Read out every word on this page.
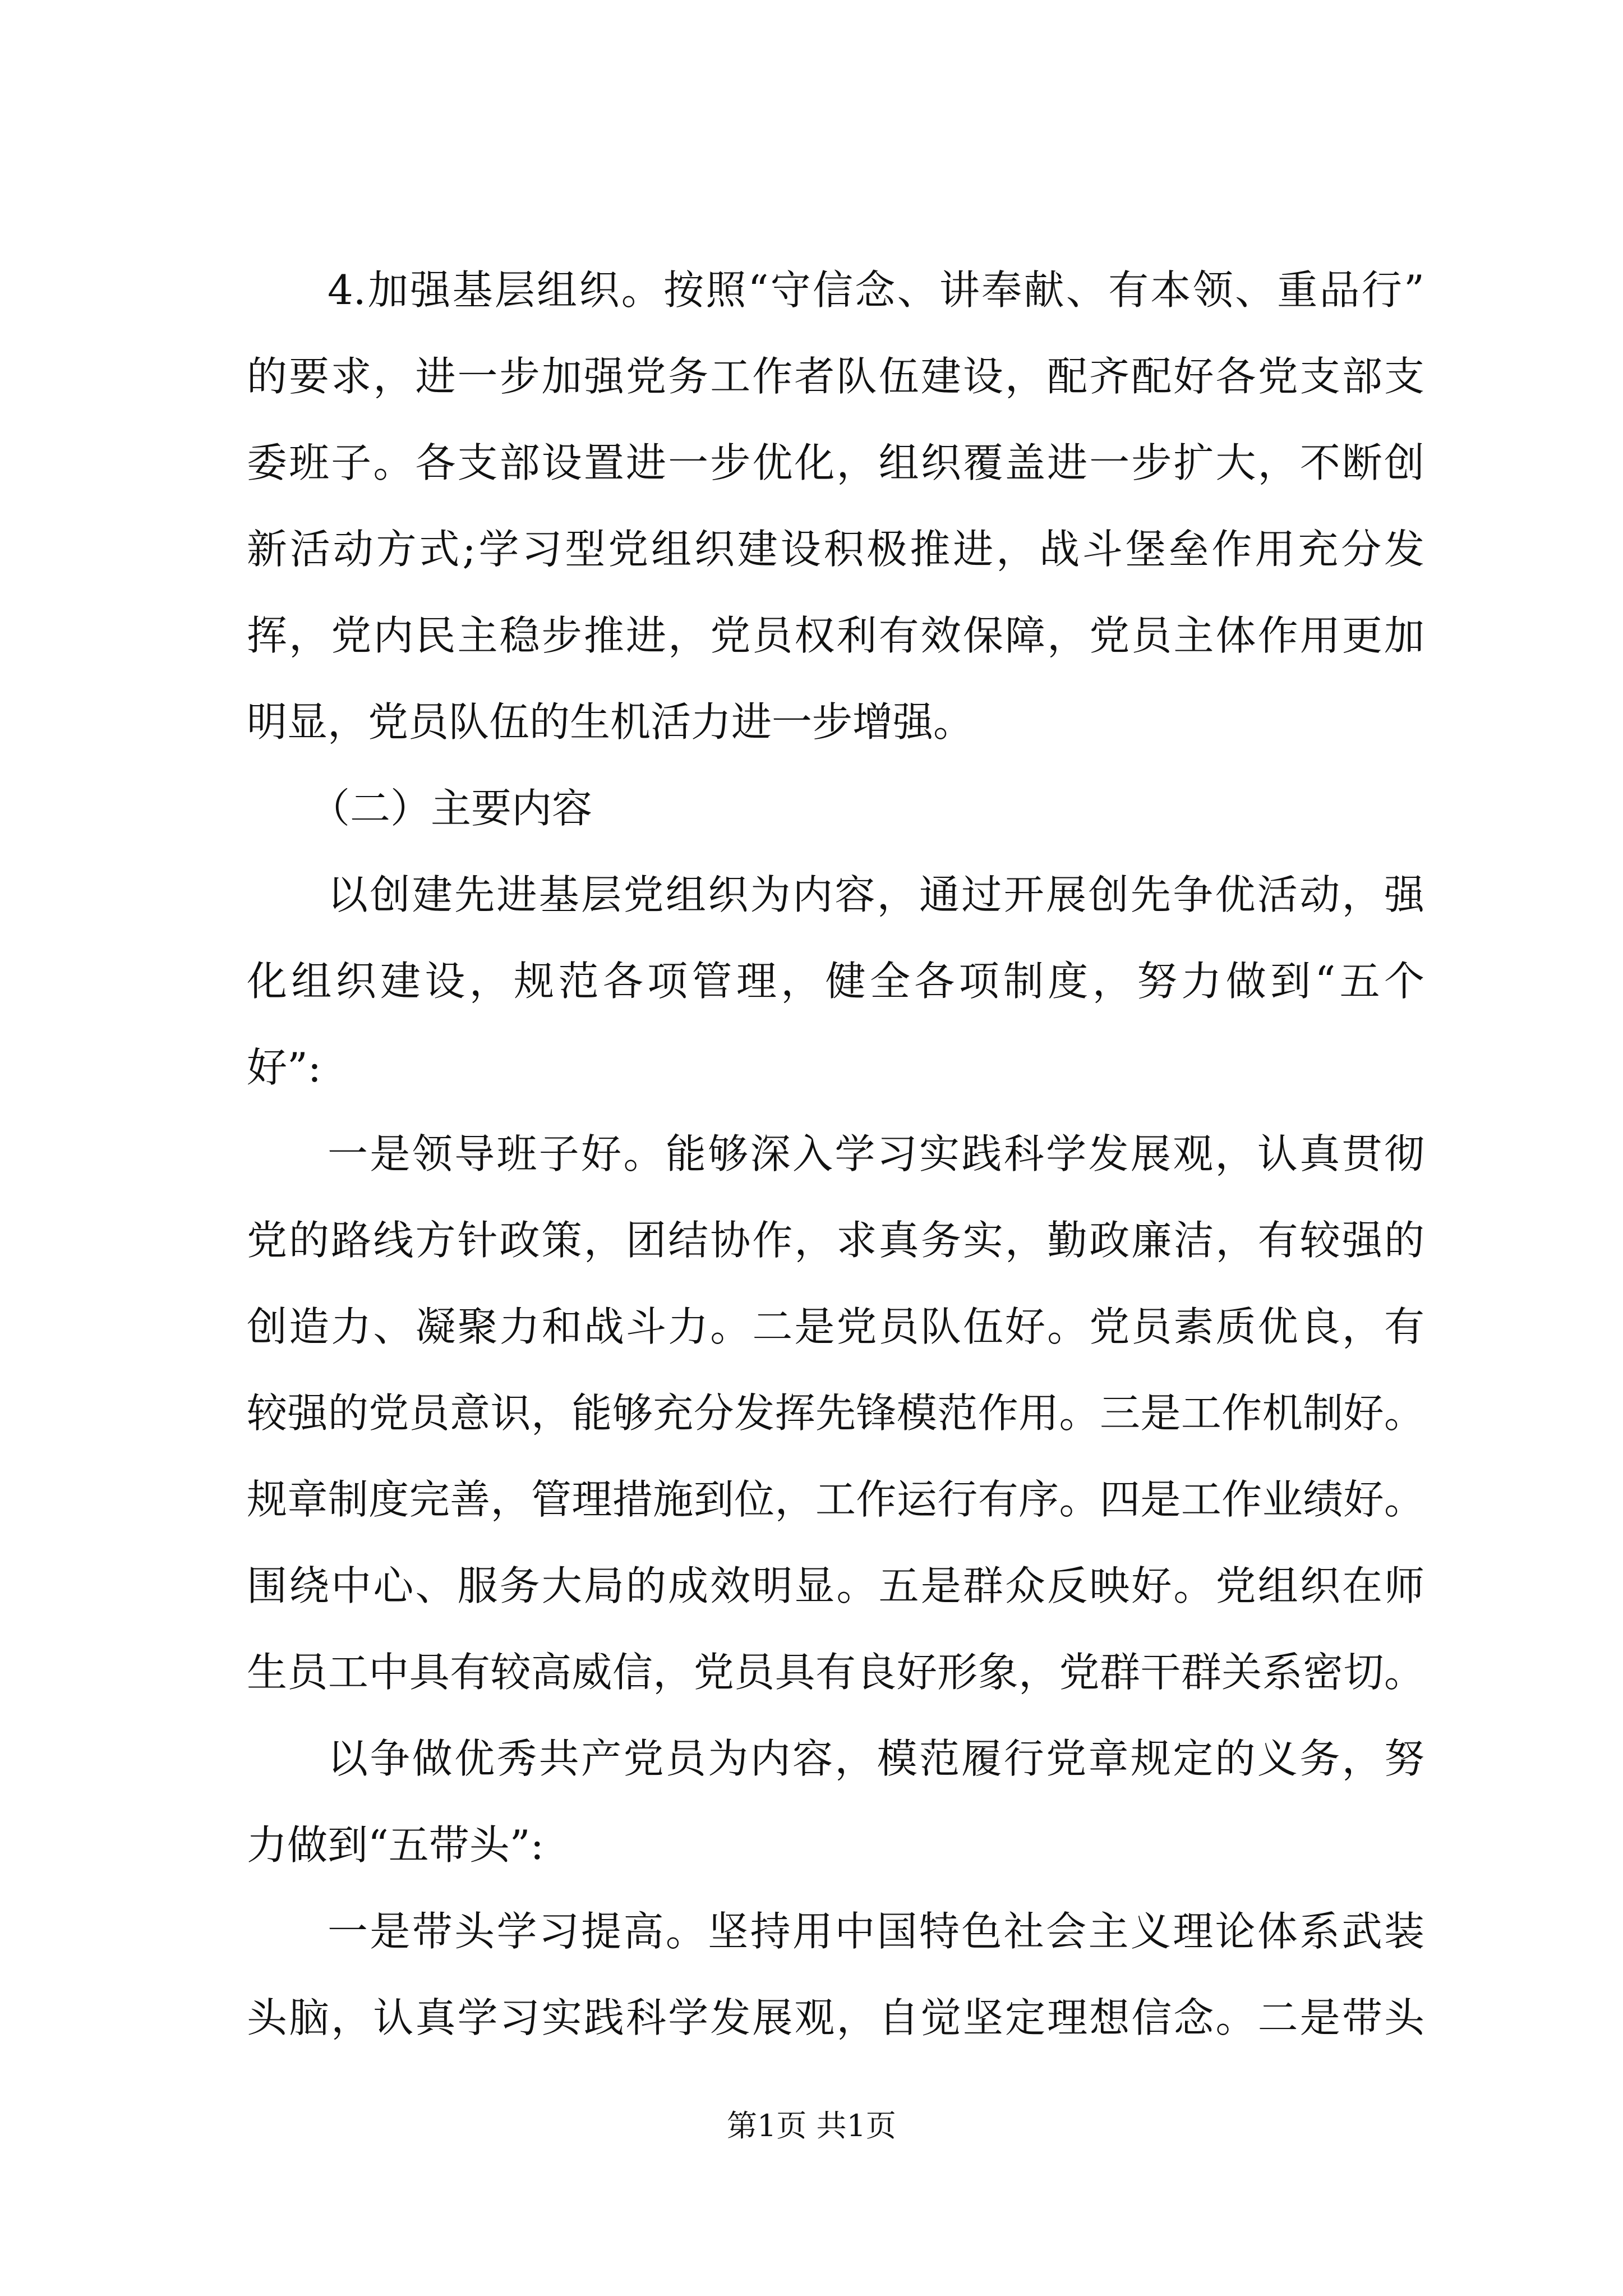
4.加强基层组织。按照“守信念、讲奉献、有本领、重品行”
的要求，进一步加强党务工作者队伍建设，配齐配好各党支部支
委班子。各支部设置进一步优化，组织覆盖进一步扩大，不断创
新活动方式;学习型党组织建设积极推进，战斗堡垒作用充分发
挥，党内民主稳步推进，党员权利有效保障，党员主体作用更加
明显，党员队伍的生机活力进一步增强。
（二）主要内容
以创建先进基层党组织为内容，通过开展创先争优活动，强
化组织建设，规范各项管理，健全各项制度，努力做到“五个
好”:
一是领导班子好。能够深入学习实践科学发展观，认真贯彻
党的路线方针政策，团结协作，求真务实，勤政廉洁，有较强的
创造力、凝聚力和战斗力。二是党员队伍好。党员素质优良，有
较强的党员意识，能够充分发挥先锋模范作用。三是工作机制好。
规章制度完善，管理措施到位，工作运行有序。四是工作业绩好。
围绕中心、服务大局的成效明显。五是群众反映好。党组织在师
生员工中具有较高威信，党员具有良好形象，党群干群关系密切。
以争做优秀共产党员为内容，模范履行党章规定的义务，努
力做到“五带头”:
一是带头学习提高。坚持用中国特色社会主义理论体系武装
头脑，认真学习实践科学发展观，自觉坚定理想信念。二是带头
第1页 共1页
